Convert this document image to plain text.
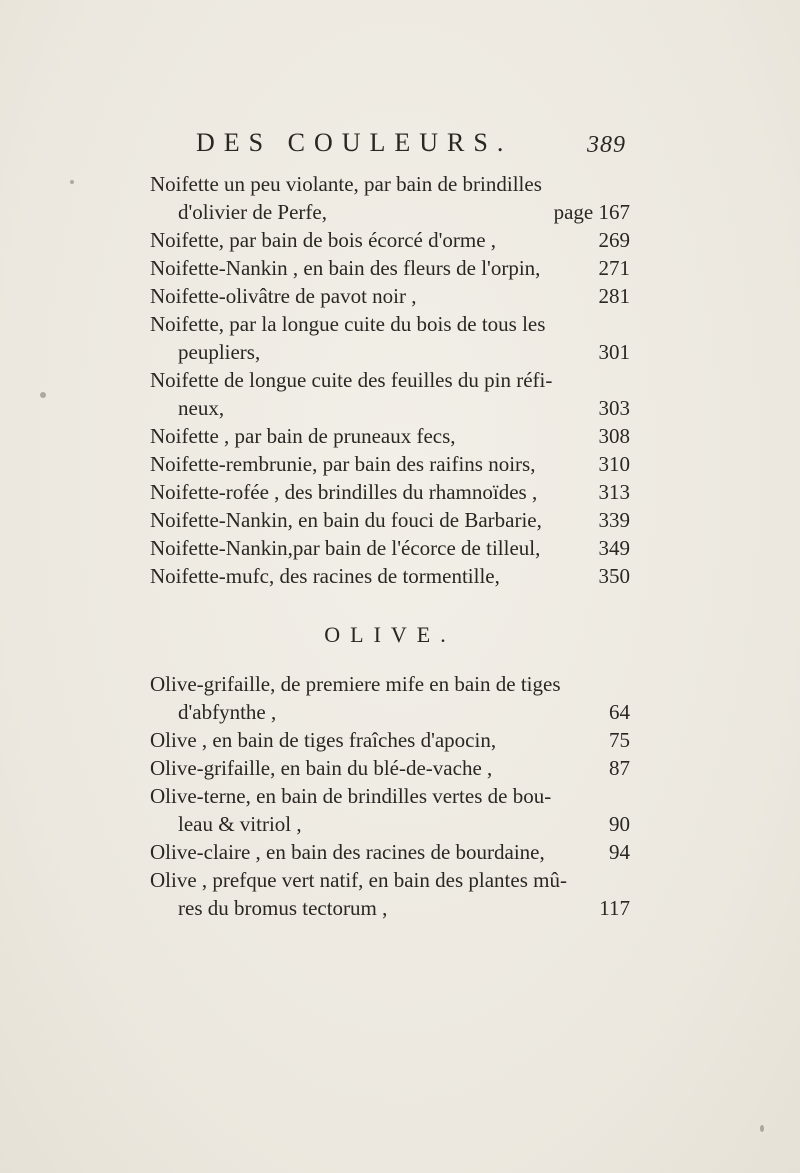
DES COULEURS.	389
Noifette un peu violante, par bain de brindilles
d'olivier de Perfe,	page 167
Noifette, par bain de bois écorcé d'orme ,	269
Noifette-Nankin , en bain des fleurs de l'orpin,	271
Noifette-olivâtre de pavot noir ,	281
Noifette, par la longue cuite du bois de tous les
peupliers,	301
Noifette de longue cuite des feuilles du pin réfi-
neux,	303
Noifette , par bain de pruneaux fecs,	308
Noifette-rembrunie, par bain des raifins noirs,	310
Noifette-rofée , des brindilles du rhamnoïdes ,	313
Noifette-Nankin, en bain du fouci de Barbarie,	339
Noifette-Nankin,par bain de l'écorce de tilleul,	349
Noifette-mufc, des racines de tormentille,	350
OLIVE.
Olive-grifaille, de premiere mife en bain de tiges
d'abfynthe ,	64
Olive , en bain de tiges fraîches d'apocin,	75
Olive-grifaille, en bain du blé-de-vache ,	87
Olive-terne, en bain de brindilles vertes de bou-
leau & vitriol ,	90
Olive-claire , en bain des racines de bourdaine,	94
Olive , prefque vert natif, en bain des plantes mû-
res du bromus tectorum ,	117
